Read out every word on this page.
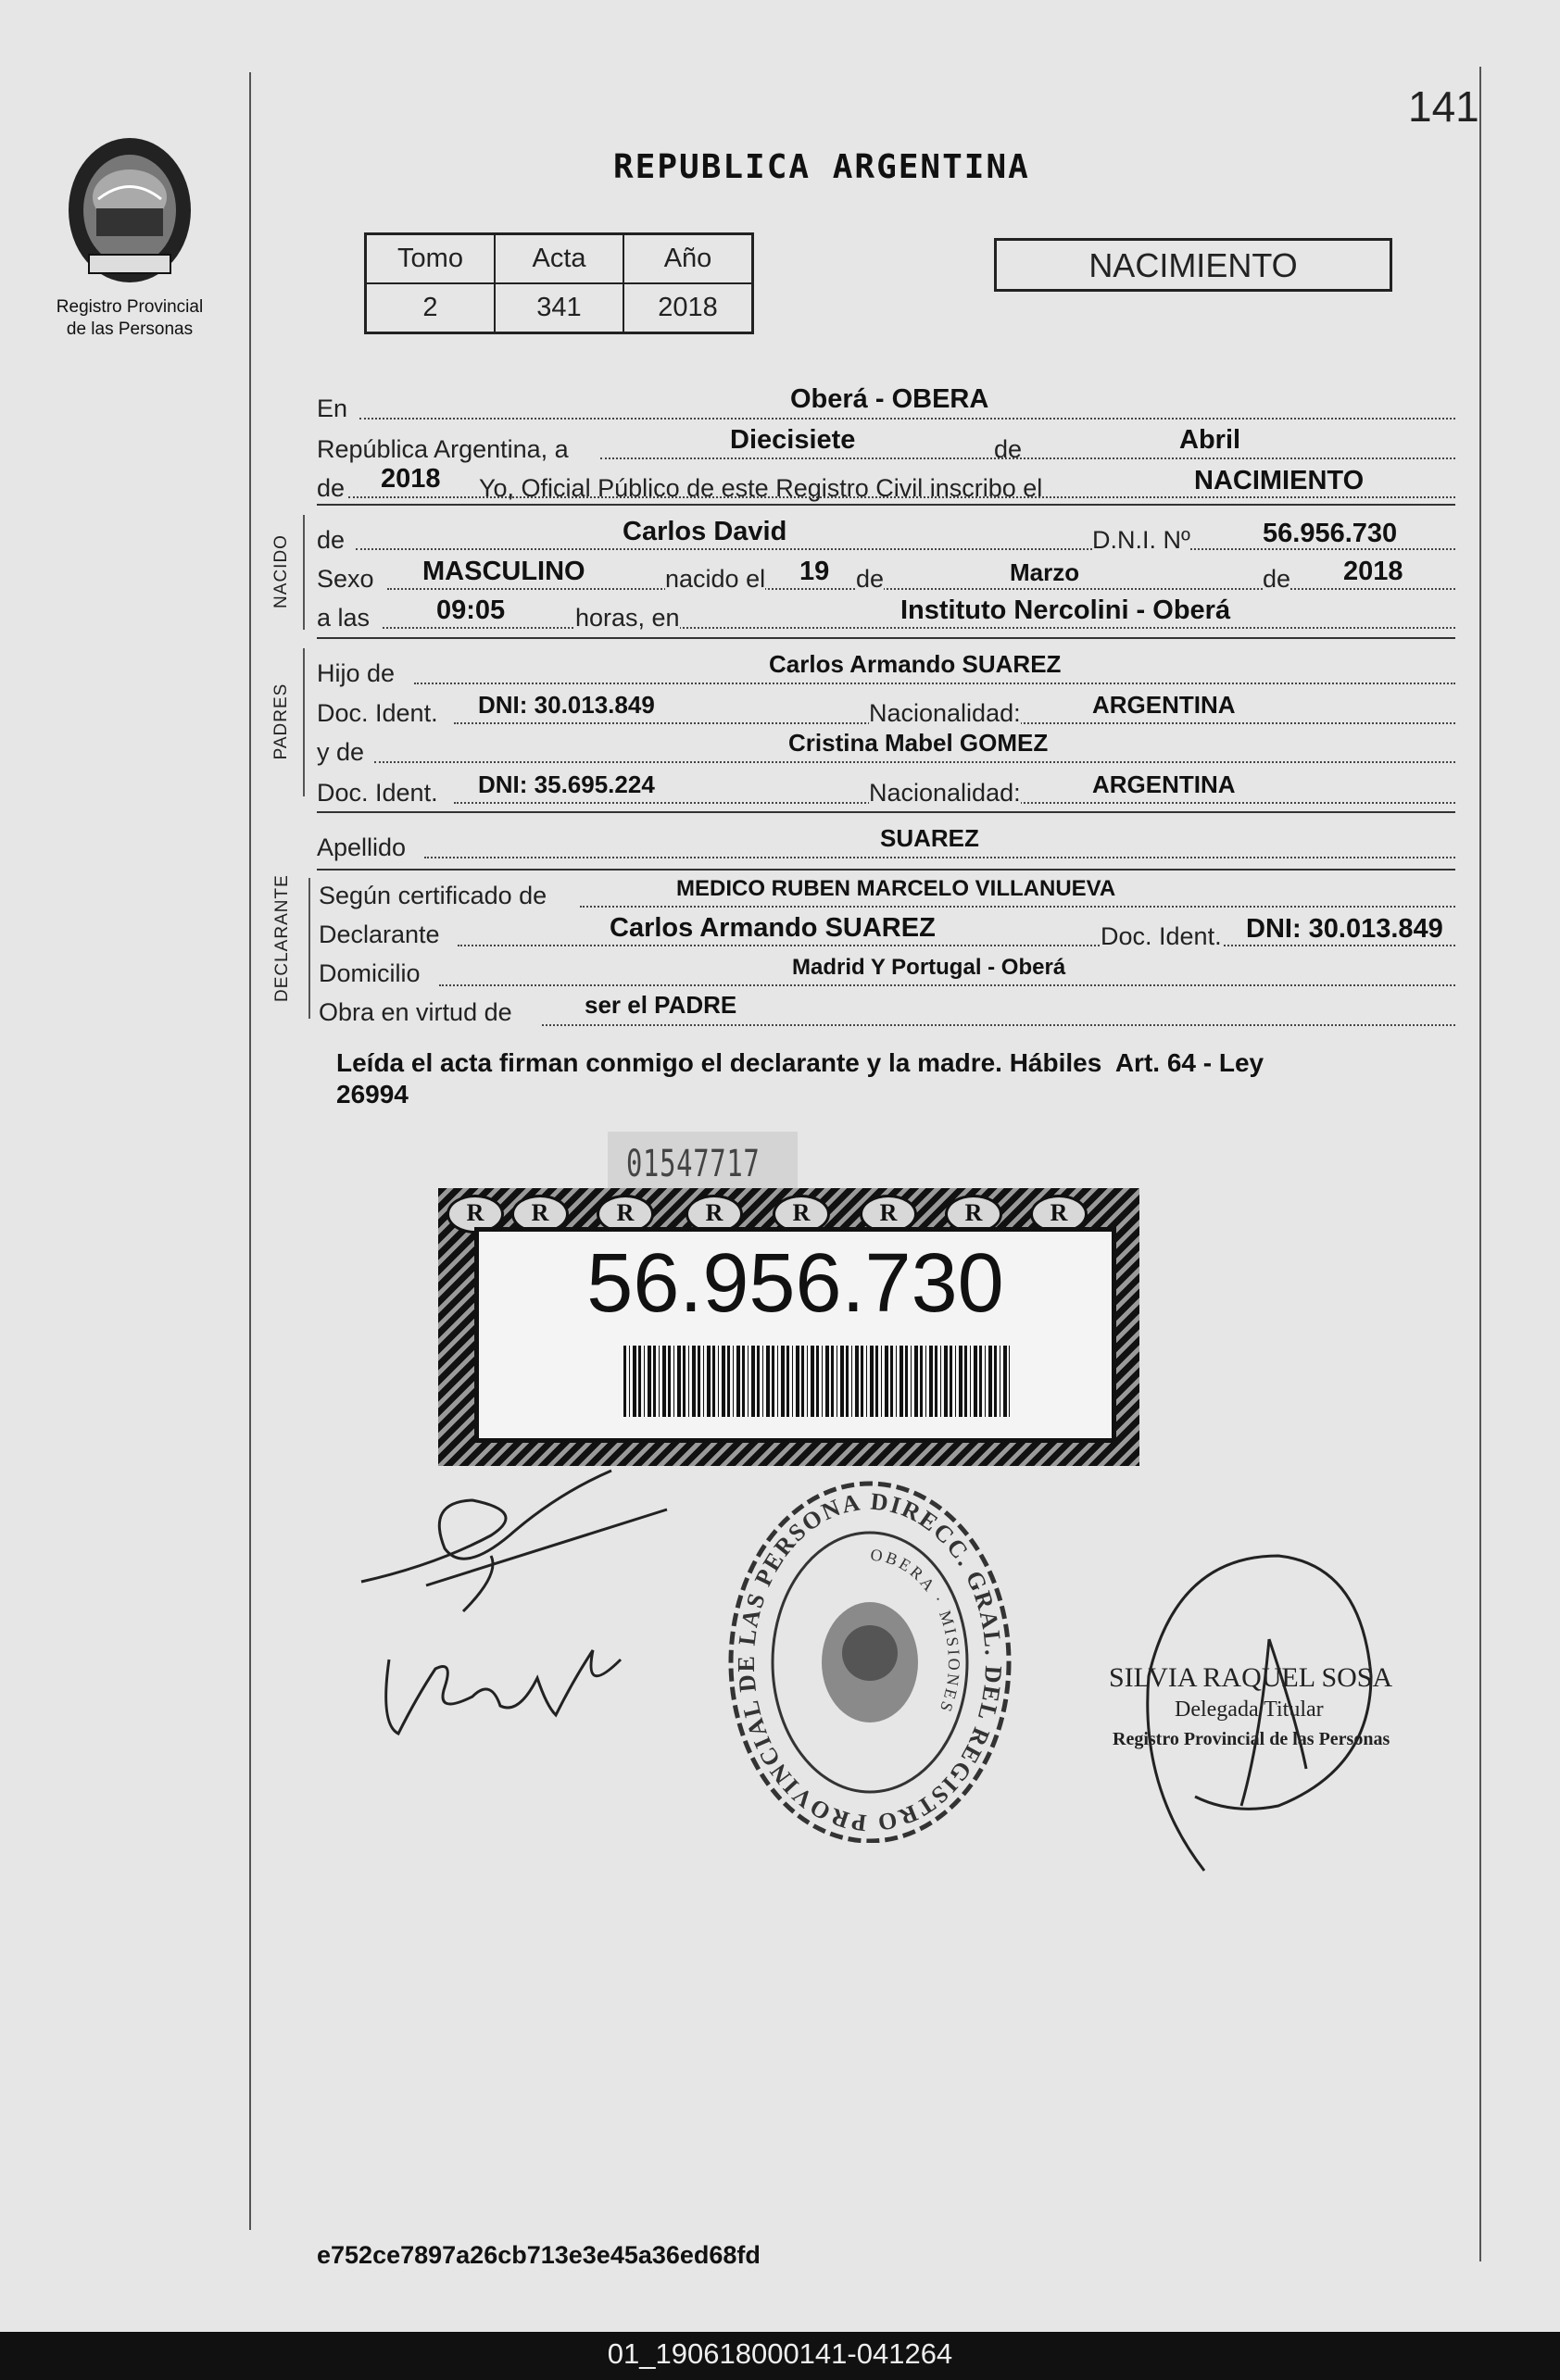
141
Registro Provincial
de las Personas
REPUBLICA ARGENTINA
Tomo	Acta	Año
2	341	2018
NACIMIENTO
En	Oberá - OBERA
República Argentina, a	Diecisiete	de	Abril
de 2018 Yo, Oficial Público de este Registro Civil inscribo el	NACIMIENTO
NACIDO de	Carlos David	D.N.I. Nº	56.956.730
Sexo MASCULINO	nacido el 19 de	Marzo	de 2018
a las 09:05	horas, en	Instituto Nercolini - Oberá
PADRES
Hijo de	Carlos Armando SUAREZ
Doc. Ident. DNI: 30.013.849	Nacionalidad:	ARGENTINA
y de	Cristina Mabel GOMEZ
Doc. Ident. DNI: 35.695.224	Nacionalidad:	ARGENTINA
Apellido	SUAREZ
DECLARANTE Según certificado de	MEDICO RUBEN MARCELO VILLANUEVA
Declarante	Carlos Armando SUAREZ	Doc. Ident. DNI: 30.013.849
Domicilio	Madrid Y Portugal - Oberá
Obra en virtud de	ser el PADRE
Leída el acta firman conmigo el declarante y la madre. Hábiles  Art. 64 - Ley
26994
01547717
R	R	R	R	R	R	R	R
56.956.730
DIRECC. GRAL. DEL REGISTRO PROVINCIAL DE LAS PERSONA
OBERA · MISIONES
SILVIA RAQUEL SOSA
Delegada Titular
Registro Provincial de las Personas
e752ce7897a26cb713e3e45a36ed68fd
01_190618000141-041264
